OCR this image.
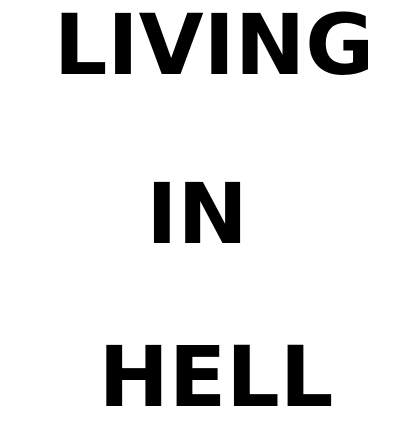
LIVING
IN
HELL
